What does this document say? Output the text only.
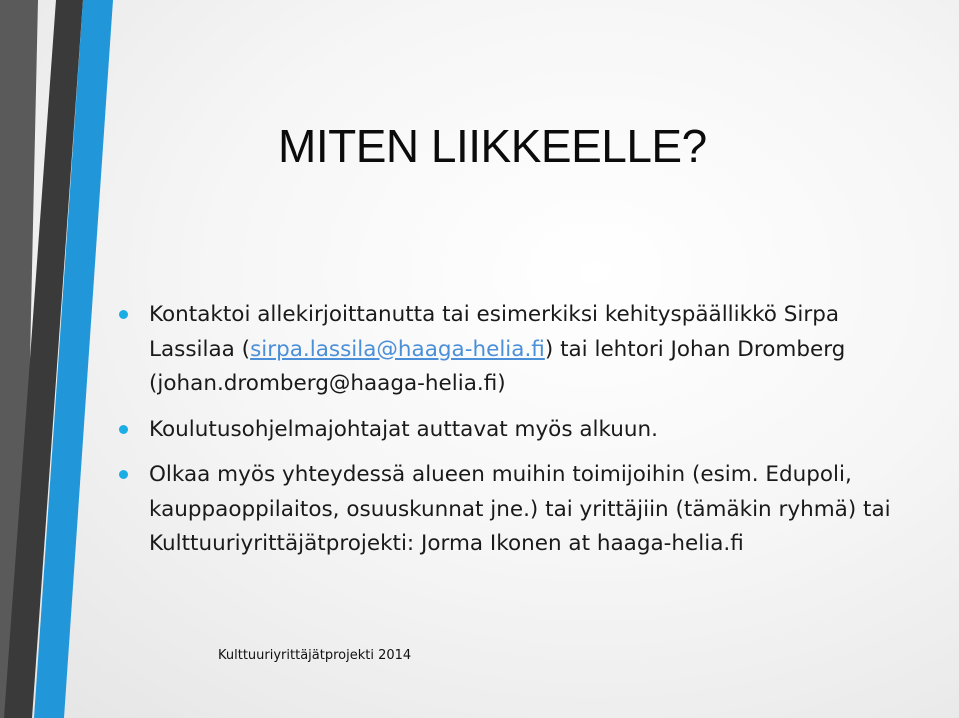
MITEN LIIKKEELLE?
Kontaktoi allekirjoittanutta tai esimerkiksi kehityspäällikkö Sirpa Lassilaa (sirpa.lassila@haaga-helia.fi) tai lehtori Johan Dromberg (johan.dromberg@haaga-helia.fi)
Koulutusohjelmajohtajat auttavat myös alkuun.
Olkaa myös yhteydessä alueen muihin toimijoihin (esim. Edupoli, kauppaoppilaitos, osuuskunnat jne.) tai yrittäjiin (tämäkin ryhmä) tai Kulttuuriyrittäjätprojekti: Jorma Ikonen at haaga-helia.fi
Kulttuuriyrittäjätprojekti 2014
